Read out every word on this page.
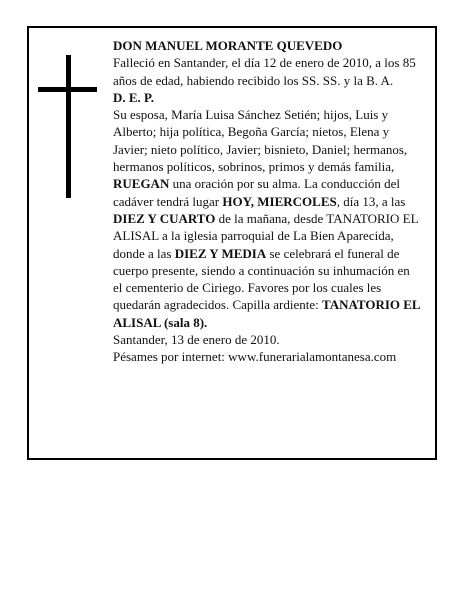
DON MANUEL MORANTE QUEVEDO

Falleció en Santander, el día 12 de enero de 2010, a los 85 años de edad, habiendo recibido los SS. SS. y la B. A.

D. E. P.

Su esposa, María Luisa Sánchez Setién; hijos, Luis y Alberto; hija política, Begoña García; nietos, Elena y Javier; nieto político, Javier; bisnieto, Daniel; hermanos, hermanos políticos, sobrinos, primos y demás familia,

RUEGAN una oración por su alma. La conducción del cadáver tendrá lugar HOY, MIERCOLES, día 13, a las DIEZ Y CUARTO de la mañana, desde TANATORIO EL ALISAL a la iglesia parroquial de La Bien Aparecida, donde a las DIEZ Y MEDIA se celebrará el funeral de cuerpo presente, siendo a continuación su inhumación en el cementerio de Ciriego. Favores por los cuales les quedarán agradecidos. Capilla ardiente: TANATORIO EL ALISAL (sala 8).

Santander, 13 de enero de 2010.

Pésames por internet: www.funerarialamontanesa.com
